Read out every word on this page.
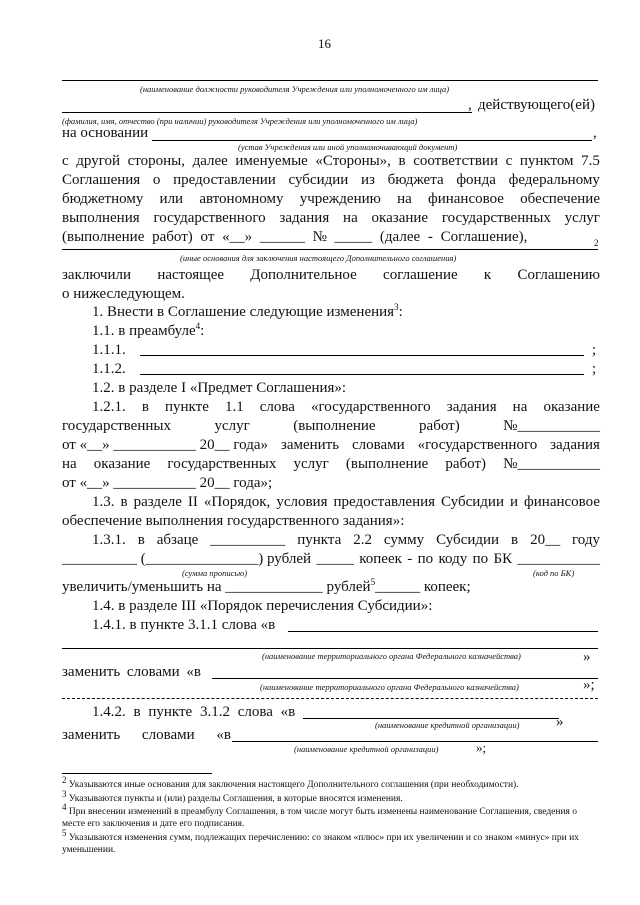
16
(наименование должности руководителя Учреждения или уполномоченного им лица)
, действующего(ей)
(фамилия, имя, отчество (при наличии) руководителя Учреждения или уполномоченного им лица)
на основании	,
(устав Учреждения или иной уполномочивающий документ)
с другой стороны, далее именуемые «Стороны», в соответствии с пунктом 7.5
Соглашения о предоставлении субсидии из бюджета фонда федеральному
бюджетному или автономному учреждению на финансовое обеспечение
выполнения государственного задания на оказание государственных услуг
(выполнение работ) от «__» ______ № _____ (далее - Соглашение),	2
(иные основания для заключения настоящего Дополнительного соглашения)
заключили настоящее Дополнительное соглашение к Соглашению
о нижеследующем.
1. Внести в Соглашение следующие изменения$^3$:
1.1. в преамбуле$^4$:
1.1.1.	;
1.1.2.	;
1.2. в разделе I «Предмет Соглашения»:
1.2.1. в пункте 1.1 слова «государственного задания на оказание
государственных	услуг	(выполнение	работ)	№___________
от «__» ___________ 20__ года» заменить словами «государственного задания
на оказание государственных услуг (выполнение работ) №___________
от «__» ___________ 20__ года»;
1.3. в разделе II «Порядок, условия предоставления Субсидии и финансовое
обеспечение выполнения государственного задания»:
1.3.1. в абзаце __________ пункта 2.2 сумму Субсидии в 20__ году
__________ (_______________) рублей _____ копеек - по коду по БК ___________
(сумма прописью)	(код по БК)
увеличить/уменьшить на _____________ рублей$^5$______ копеек;
1.4. в разделе III «Порядок перечисления Субсидии»:
1.4.1. в пункте 3.1.1 слова «в
(наименование территориального органа Федерального казначейства)	»
заменить словами «в
(наименование территориального органа Федерального казначейства)	»;
1.4.2. в пункте 3.1.2 слова «в
(наименование кредитной организации) »
заменить словами «в
(наименование кредитной организации)	»;
$^2$ Указываются иные основания для заключения настоящего Дополнительного соглашения (при необходимости).
$^3$ Указываются пункты и (или) разделы Соглашения, в которые вносятся изменения.
$^4$ При внесении изменений в преамбулу Соглашения, в том числе могут быть изменены наименование Соглашения, сведения о месте его заключения и дате его подписания.
$^5$ Указываются изменения сумм, подлежащих перечислению: со знаком «плюс» при их увеличении и со знаком «минус» при их уменьшении.
